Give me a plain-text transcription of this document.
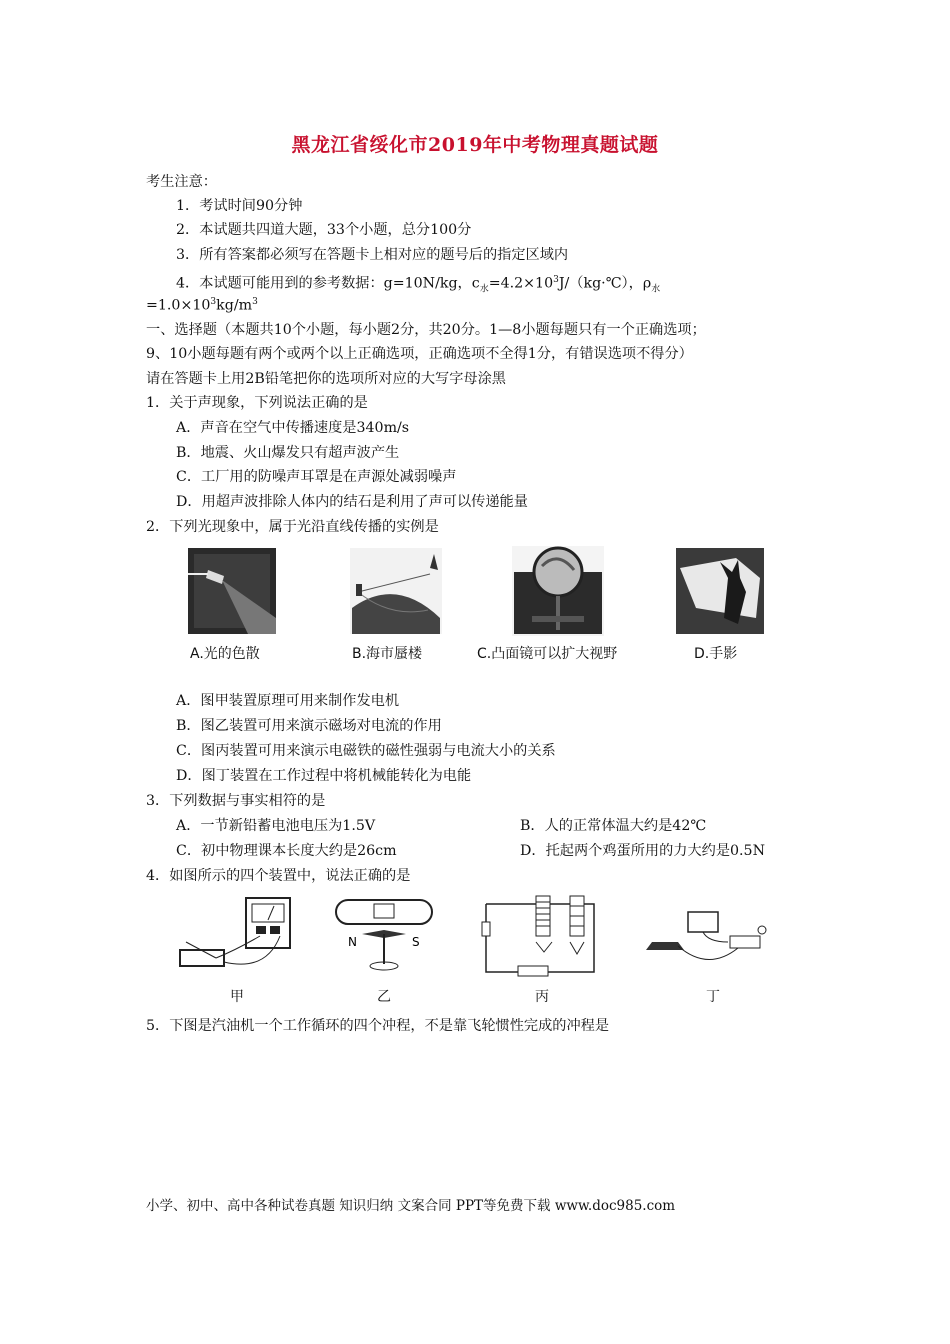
黑龙江省绥化市2019年中考物理真题试题
考生注意：
1．考试时间90分钟
2．本试题共四道大题，33个小题，总分100分
3．所有答案都必须写在答题卡上相对应的题号后的指定区域内
4．本试题可能用到的参考数据：g=10N/kg，$c_水=4.2\times 10^3J/(kg\cdot℃)$，$\rho_水$
$=1.0\times 10^3kg/m^3$
一、选择题（本题共10个小题，每小题2分，共20分。1—8小题每题只有一个正确选项；
9、10小题每题有两个或两个以上正确选项，正确选项不全得1分，有错误选项不得分）
请在答题卡上用2B铅笔把你的选项所对应的大写字母涂黑
1．关于声现象，下列说法正确的是
A．声音在空气中传播速度是340m/s
B．地震、火山爆发只有超声波产生
C．工厂用的防噪声耳罩是在声源处减弱噪声
D．用超声波排除人体内的结石是利用了声可以传递能量
2．下列光现象中，属于光沿直线传播的实例是
A.光的色散	B.海市蜃楼	C.凸面镜可以扩大视野	D.手影
A．图甲装置原理可用来制作发电机
B．图乙装置可用来演示磁场对电流的作用
C．图丙装置可用来演示电磁铁的磁性强弱与电流大小的关系
D．图丁装置在工作过程中将机械能转化为电能
3．下列数据与事实相符的是
A．一节新铅蓄电池电压为1.5V	B．人的正常体温大约是42℃
C．初中物理课本长度大约是26cm	D．托起两个鸡蛋所用的力大约是0.5N
4．如图所示的四个装置中，说法正确的是
N	S
甲	乙	丙	丁
5．下图是汽油机一个工作循环的四个冲程，不是靠飞轮惯性完成的冲程是
小学、初中、高中各种试卷真题 知识归纳 文案合同 PPT等免费下载 www.doc985.com
